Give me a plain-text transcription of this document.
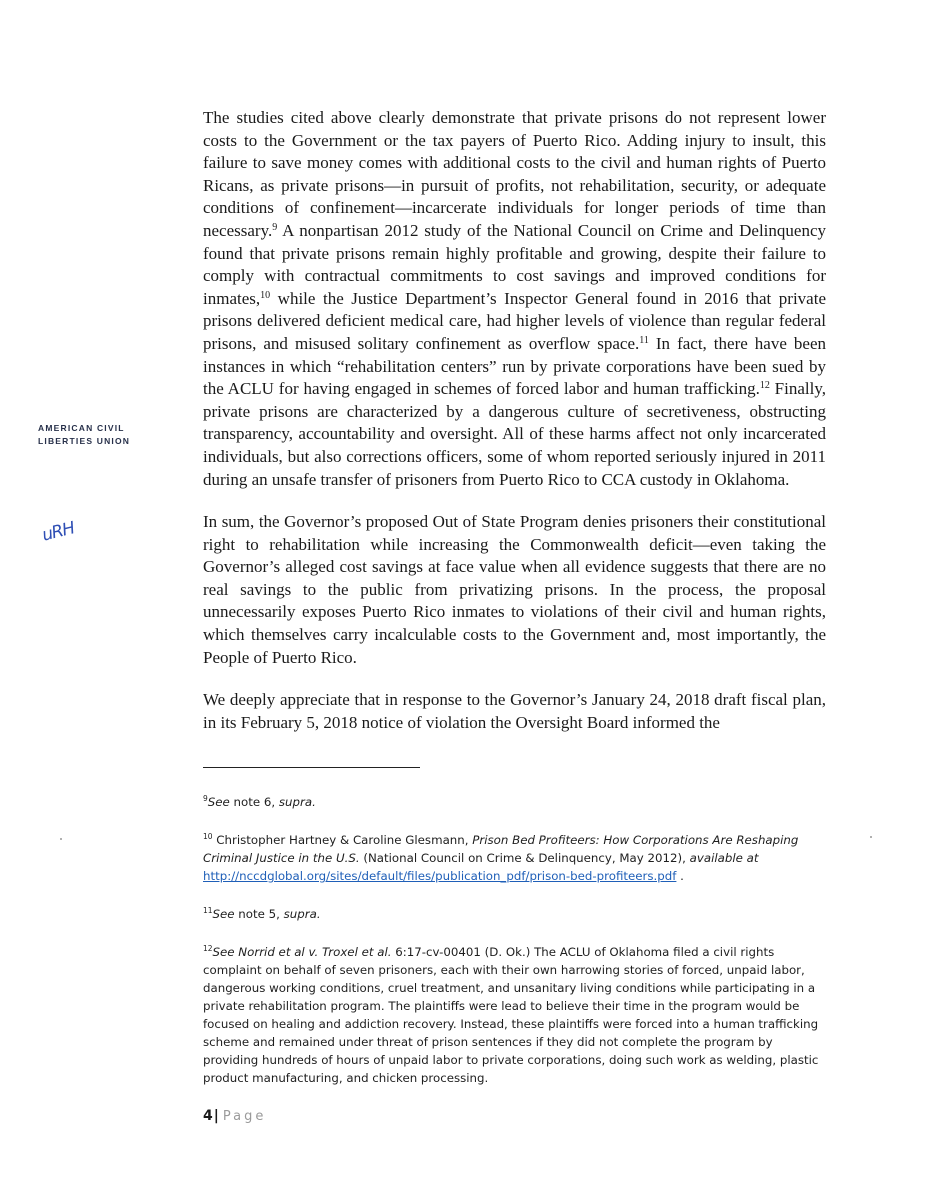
AMERICAN CIVIL
LIBERTIES UNION
uRH

The studies cited above clearly demonstrate that private prisons do not represent lower costs to the Government or the tax payers of Puerto Rico. Adding injury to insult, this failure to save money comes with additional costs to the civil and human rights of Puerto Ricans, as private prisons—in pursuit of profits, not rehabilitation, security, or adequate conditions of confinement—incarcerate individuals for longer periods of time than necessary.$^9$ A nonpartisan 2012 study of the National Council on Crime and Delinquency found that private prisons remain highly profitable and growing, despite their failure to comply with contractual commitments to cost savings and improved conditions for inmates,$^{10}$ while the Justice Department’s Inspector General found in 2016 that private prisons delivered deficient medical care, had higher levels of violence than regular federal prisons, and misused solitary confinement as overflow space.$^{11}$ In fact, there have been instances in which “rehabilitation centers” run by private corporations have been sued by the ACLU for having engaged in schemes of forced labor and human trafficking.$^{12}$ Finally, private prisons are characterized by a dangerous culture of secretiveness, obstructing transparency, accountability and oversight. All of these harms affect not only incarcerated individuals, but also corrections officers, some of whom reported seriously injured in 2011 during an unsafe transfer of prisoners from Puerto Rico to CCA custody in Oklahoma.

In sum, the Governor’s proposed Out of State Program denies prisoners their constitutional right to rehabilitation while increasing the Commonwealth deficit—even taking the Governor’s alleged cost savings at face value when all evidence suggests that there are no real savings to the public from privatizing prisons. In the process, the proposal unnecessarily exposes Puerto Rico inmates to violations of their civil and human rights, which themselves carry incalculable costs to the Government and, most importantly, the People of Puerto Rico.

We deeply appreciate that in response to the Governor’s January 24, 2018 draft fiscal plan, in its February 5, 2018 notice of violation the Oversight Board informed the

$^9$See note 6, supra.
$^{10}$ Christopher Hartney & Caroline Glesmann, Prison Bed Profiteers: How Corporations Are Reshaping Criminal Justice in the U.S. (National Council on Crime & Delinquency, May 2012), available at
http://nccdglobal.org/sites/default/files/publication_pdf/prison-bed-profiteers.pdf .
$^{11}$See note 5, supra.
$^{12}$See Norrid et al v. Troxel et al. 6:17-cv-00401 (D. Ok.) The ACLU of Oklahoma filed a civil rights complaint on behalf of seven prisoners, each with their own harrowing stories of forced, unpaid labor, dangerous working conditions, cruel treatment, and unsanitary living conditions while participating in a private rehabilitation program. The plaintiffs were lead to believe their time in the program would be focused on healing and addiction recovery. Instead, these plaintiffs were forced into a human trafficking scheme and remained under threat of prison sentences if they did not complete the program by providing hundreds of hours of unpaid labor to private corporations, doing such work as welding, plastic product manufacturing, and chicken processing.
4| Page
